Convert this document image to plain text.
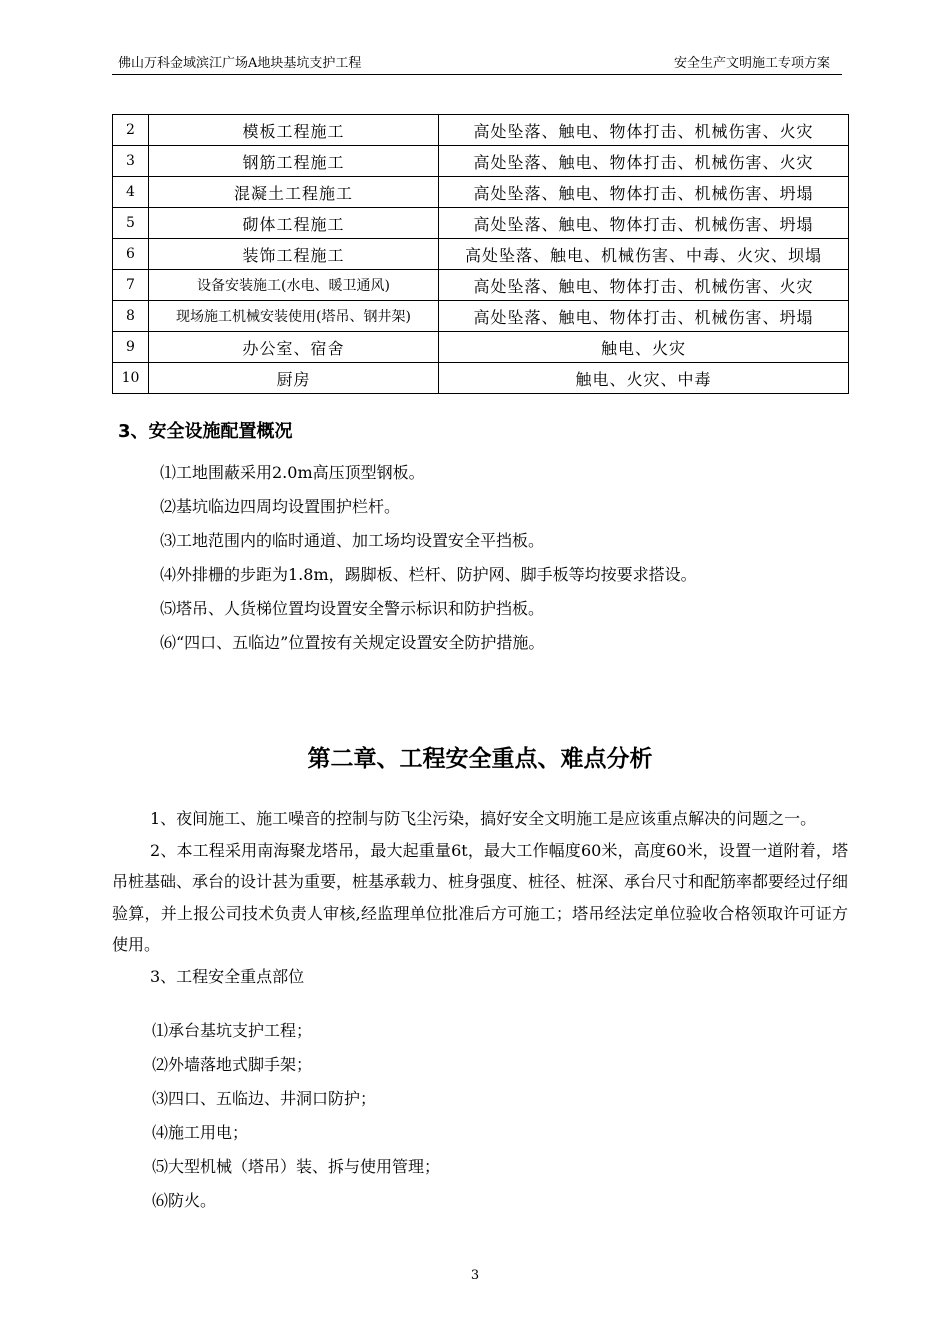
佛山万科金域滨江广场A地块基坑支护工程	安全生产文明施工专项方案
2	模板工程施工	高处坠落、触电、物体打击、机械伤害、火灾
3	钢筋工程施工	高处坠落、触电、物体打击、机械伤害、火灾
4	混凝土工程施工	高处坠落、触电、物体打击、机械伤害、坍塌
5	砌体工程施工	高处坠落、触电、物体打击、机械伤害、坍塌
6	装饰工程施工	高处坠落、触电、机械伤害、中毒、火灾、坝塌
7	设备安装施工(水电、暖卫通风)	高处坠落、触电、物体打击、机械伤害、火灾
8	现场施工机械安装使用(塔吊、钢井架)	高处坠落、触电、物体打击、机械伤害、坍塌
9	办公室、宿舍	触电、火灾
10	厨房	触电、火灾、中毒
3、安全设施配置概况
⑴工地围蔽采用2.0m高压顶型钢板。
⑵基坑临边四周均设置围护栏杆。
⑶工地范围内的临时通道、加工场均设置安全平挡板。
⑷外排栅的步距为1.8m，踢脚板、栏杆、防护网、脚手板等均按要求搭设。
⑸塔吊、人货梯位置均设置安全警示标识和防护挡板。
⑹“四口、五临边”位置按有关规定设置安全防护措施。
第二章、工程安全重点、难点分析

1、夜间施工、施工噪音的控制与防飞尘污染，搞好安全文明施工是应该重点解决的问题之一。

2、本工程采用南海聚龙塔吊，最大起重量6t，最大工作幅度60米，高度60米，设置一道附着，塔吊桩基础、承台的设计甚为重要，桩基承载力、桩身强度、桩径、桩深、承台尺寸和配筋率都要经过仔细验算，并上报公司技术负责人审核,经监理单位批准后方可施工；塔吊经法定单位验收合格领取许可证方使用。

3、工程安全重点部位

⑴承台基坑支护工程；
⑵外墙落地式脚手架；
⑶四口、五临边、井洞口防护；
⑷施工用电；
⑸大型机械（塔吊）装、拆与使用管理；
⑹防火。
3
